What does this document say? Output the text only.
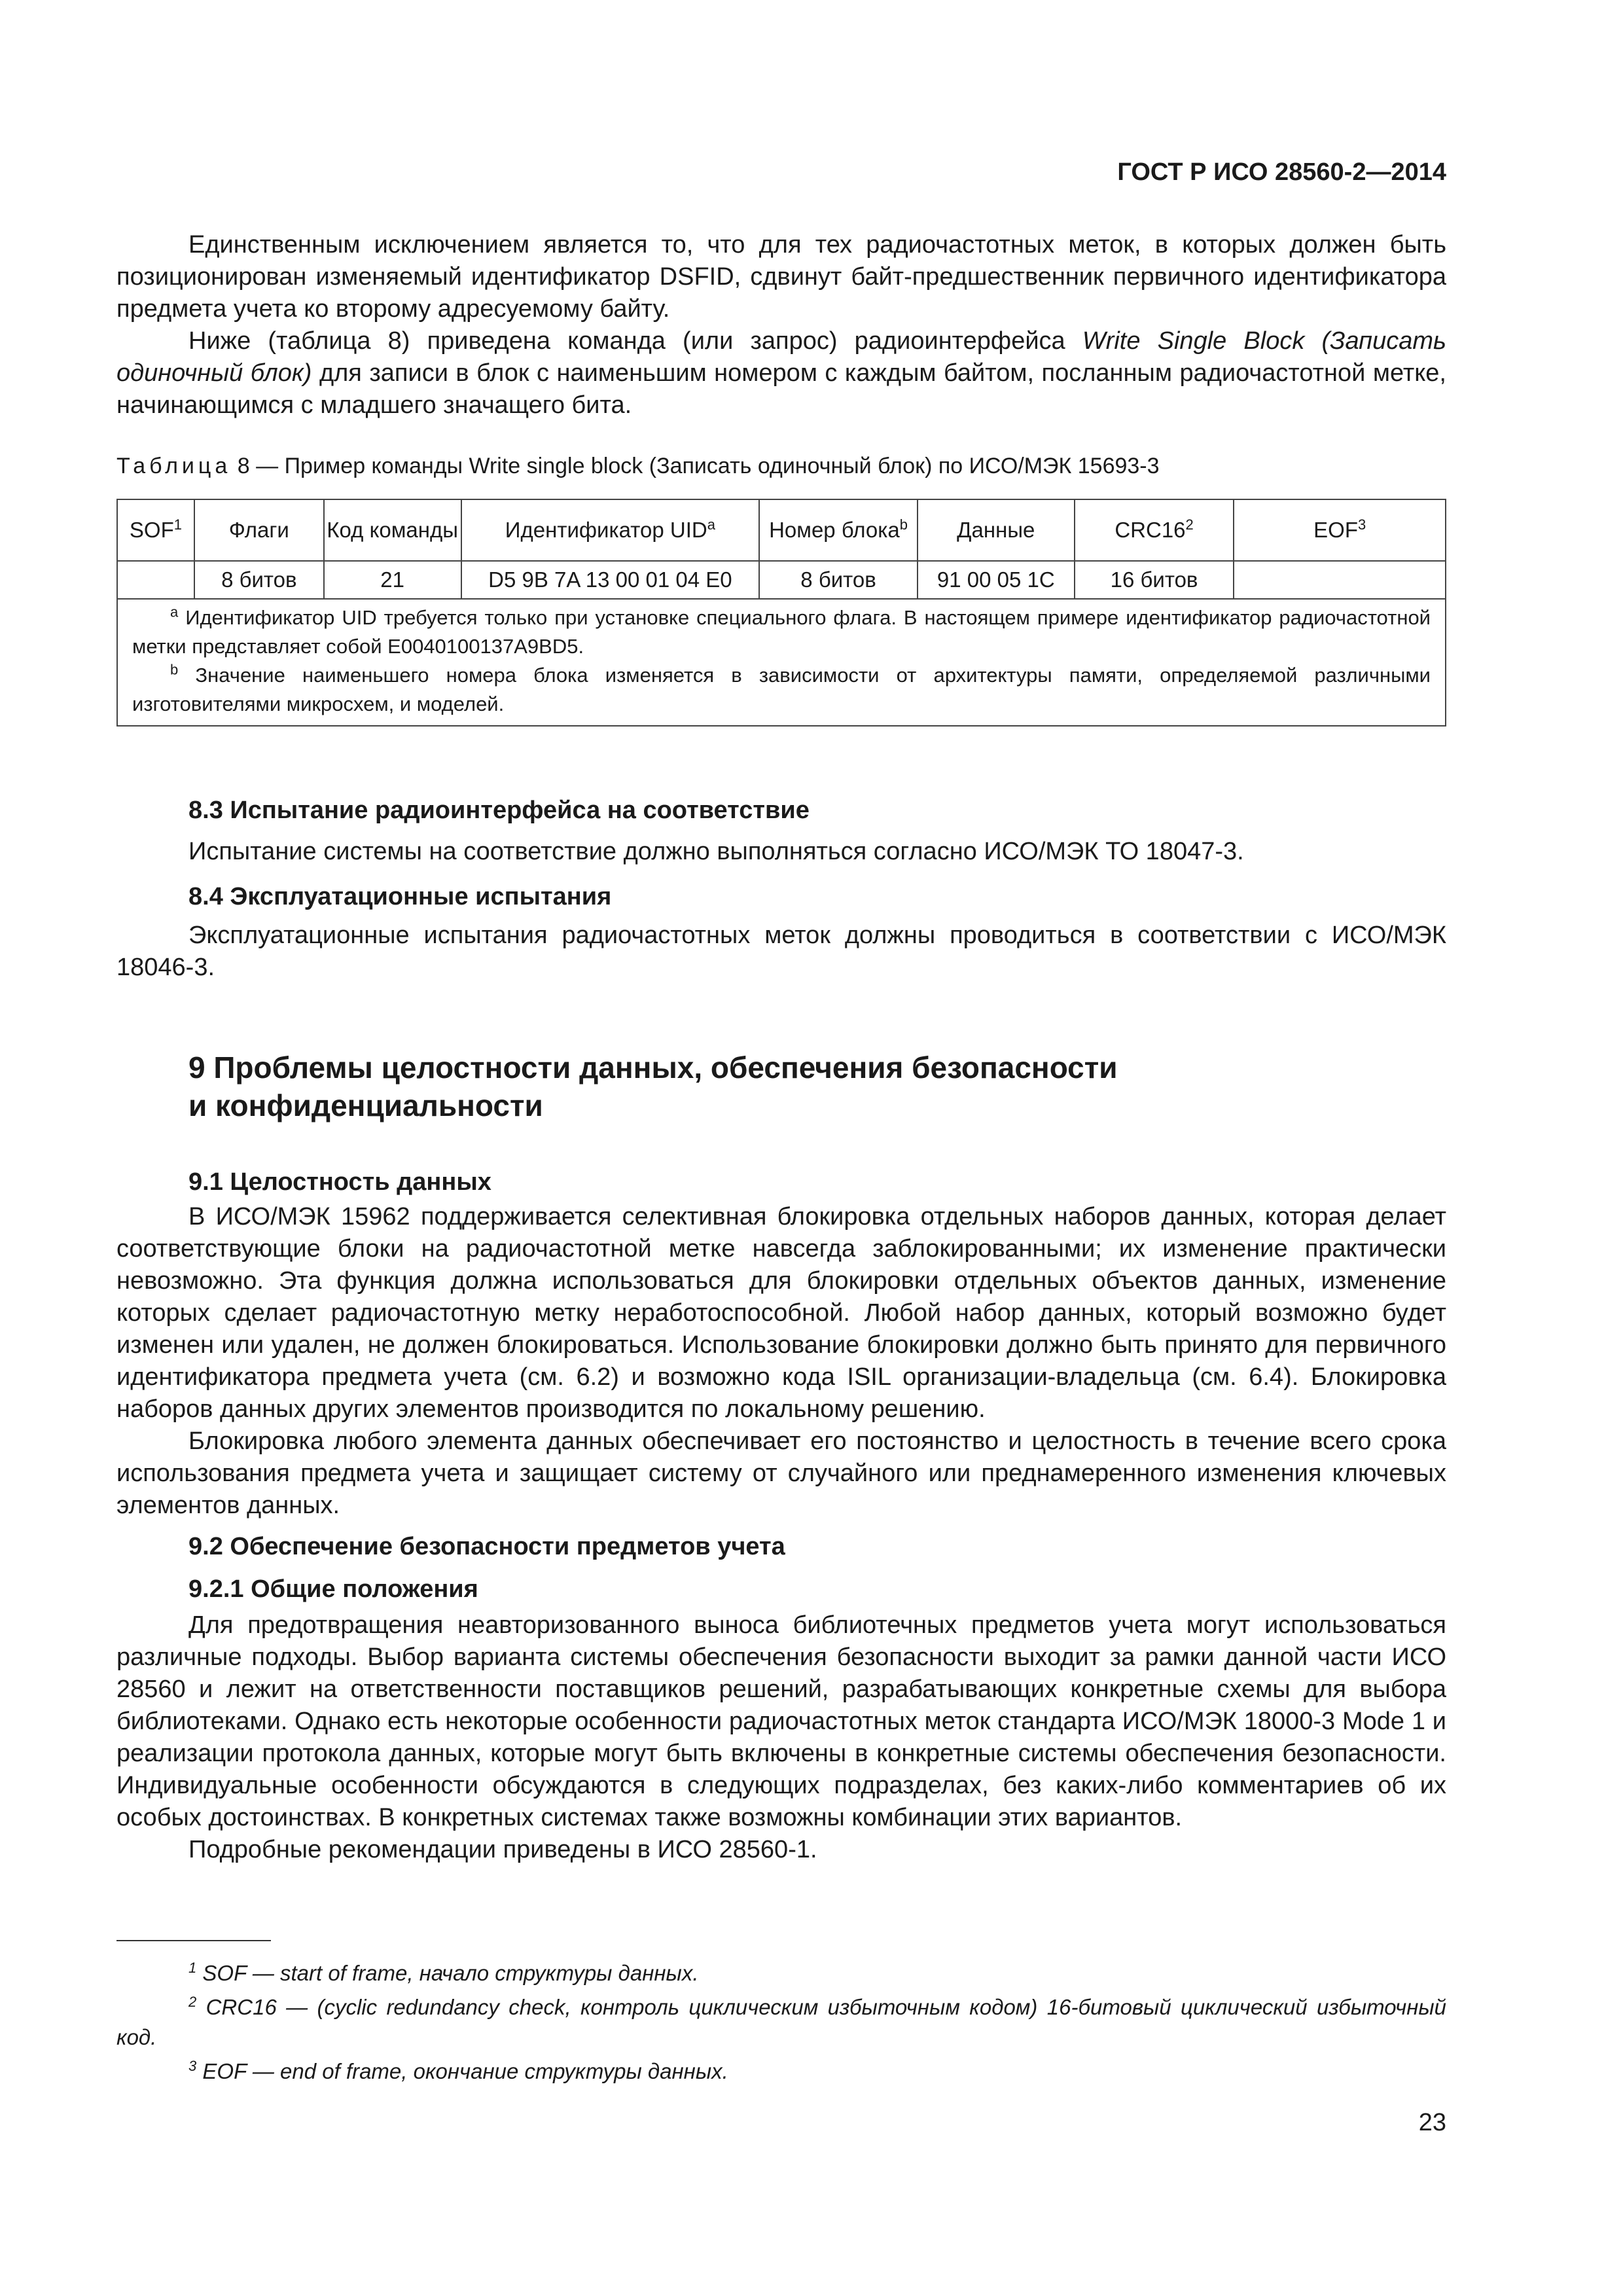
ГОСТ Р ИСО 28560-2—2014

Единственным исключением является то, что для тех радиочастотных меток, в которых должен быть позиционирован изменяемый идентификатор DSFID, сдвинут байт-предшественник первичного идентификатора предмета учета ко второму адресуемому байту.

Ниже (таблица 8) приведена команда (или запрос) радиоинтерфейса Write Single Block (Записать одиночный блок) для записи в блок с наименьшим номером с каждым байтом, посланным радиочастотной метке, начинающимся с младшего значащего бита.

Таблица 8 — Пример команды Write single block (Записать одиночный блок) по ИСО/МЭК 15693-3
SOF$^1$	Флаги	Код команды	Идентификатор UID$^a$	Номер блока$^b$	Данные	$CRC16^2$	EOF$^3$
	8 битов	21	D5 9B 7A 13 00 01 04 E0	8 битов	91 00 05 1C	16 битов	

$^a$ Идентификатор UID требуется только при установке специального флага. В настоящем примере идентификатор радиочастотной метки представляет собой E0040100137A9BD5.
$^b$ Значение наименьшего номера блока изменяется в зависимости от архитектуры памяти, определяемой различными изготовителями микросхем, и моделей.							

8.3 Испытание радиоинтерфейса на соответствие

Испытание системы на соответствие должно выполняться согласно ИСО/МЭК ТО 18047-3.

8.4 Эксплуатационные испытания

Эксплуатационные испытания радиочастотных меток должны проводиться в соответствии с ИСО/МЭК 18046-3.

9 Проблемы целостности данных, обеспечения безопасности

и конфиденциальности

9.1 Целостность данных

В ИСО/МЭК 15962 поддерживается селективная блокировка отдельных наборов данных, которая делает соответствующие блоки на радиочастотной метке навсегда заблокированными; их изменение практически невозможно. Эта функция должна использоваться для блокировки отдельных объектов данных, изменение которых сделает радиочастотную метку неработоспособной. Любой набор данных, который возможно будет изменен или удален, не должен блокироваться. Использование блокировки должно быть принято для первичного идентификатора предмета учета (см. 6.2) и возможно кода ISIL организации-владельца (см. 6.4). Блокировка наборов данных других элементов производится по локальному решению.

Блокировка любого элемента данных обеспечивает его постоянство и целостность в течение всего срока использования предмета учета и защищает систему от случайного или преднамеренного изменения ключевых элементов данных.

9.2 Обеспечение безопасности предметов учета

9.2.1 Общие положения

Для предотвращения неавторизованного выноса библиотечных предметов учета могут использоваться различные подходы. Выбор варианта системы обеспечения безопасности выходит за рамки данной части ИСО 28560 и лежит на ответственности поставщиков решений, разрабатывающих конкретные схемы для выбора библиотеками. Однако есть некоторые особенности радиочастотных меток стандарта ИСО/МЭК 18000-3 Mode 1 и реализации протокола данных, которые могут быть включены в конкретные системы обеспечения безопасности. Индивидуальные особенности обсуждаются в следующих подразделах, без каких-либо комментариев об их особых достоинствах. В конкретных системах также возможны комбинации этих вариантов.

Подробные рекомендации приведены в ИСО 28560-1.

$^1$ SOF — start of frame, начало структуры данных.

$^2$ CRC16 — (cyclic redundancy check, контроль циклическим избыточным кодом) 16-битовый циклический избыточный код.

$^3$ EOF — end of frame, окончание структуры данных.

23
